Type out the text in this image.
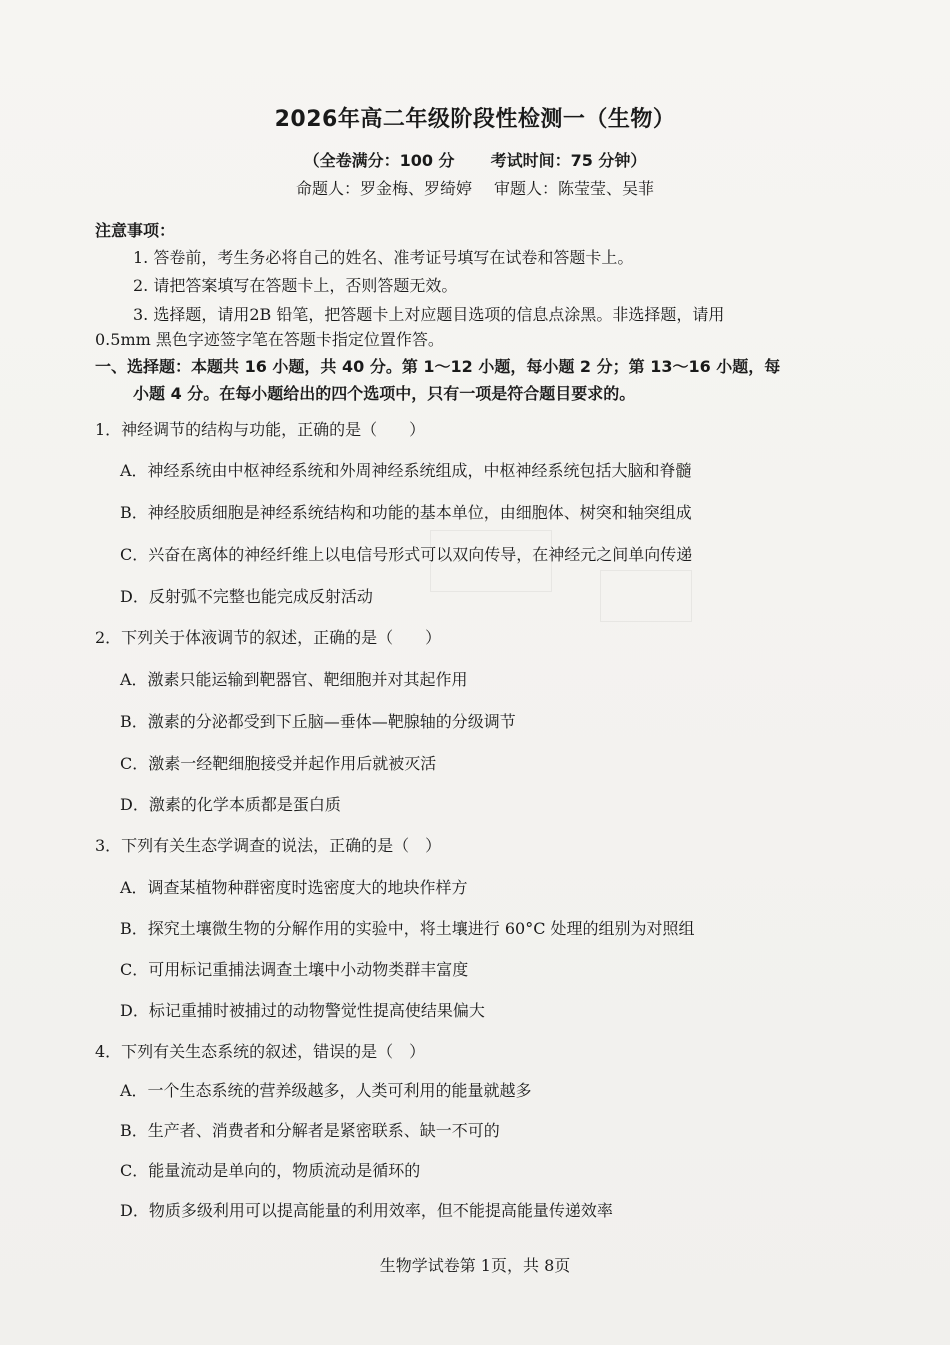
2026年高二年级阶段性检测一（生物）
（全卷满分：100 分 考试时间：75 分钟）
命题人：罗金梅、罗绮婷 审题人：陈莹莹、吴菲
注意事项：
1. 答卷前，考生务必将自己的姓名、准考证号填写在试卷和答题卡上。
2. 请把答案填写在答题卡上，否则答题无效。
3. 选择题，请用2B 铅笔，把答题卡上对应题目选项的信息点涂黑。非选择题，请用
0.5mm 黑色字迹签字笔在答题卡指定位置作答。
一、选择题：本题共 16 小题，共 40 分。第 1～12 小题，每小题 2 分；第 13～16 小题，每
小题 4 分。在每小题给出的四个选项中，只有一项是符合题目要求的。
1．神经调节的结构与功能，正确的是（　　）
A．神经系统由中枢神经系统和外周神经系统组成，中枢神经系统包括大脑和脊髓
B．神经胶质细胞是神经系统结构和功能的基本单位，由细胞体、树突和轴突组成
C．兴奋在离体的神经纤维上以电信号形式可以双向传导，在神经元之间单向传递
D．反射弧不完整也能完成反射活动
2．下列关于体液调节的叙述，正确的是（　　）
A．激素只能运输到靶器官、靶细胞并对其起作用
B．激素的分泌都受到下丘脑—垂体—靶腺轴的分级调节
C．激素一经靶细胞接受并起作用后就被灭活
D．激素的化学本质都是蛋白质
3．下列有关生态学调查的说法，正确的是（　）
A．调查某植物种群密度时选密度大的地块作样方
B．探究土壤微生物的分解作用的实验中，将土壤进行 60°C 处理的组别为对照组
C．可用标记重捕法调查土壤中小动物类群丰富度
D．标记重捕时被捕过的动物警觉性提高使结果偏大
4．下列有关生态系统的叙述，错误的是（　）
A．一个生态系统的营养级越多，人类可利用的能量就越多
B．生产者、消费者和分解者是紧密联系、缺一不可的
C．能量流动是单向的，物质流动是循环的
D．物质多级利用可以提高能量的利用效率，但不能提高能量传递效率
生物学试卷第 1页，共 8页
